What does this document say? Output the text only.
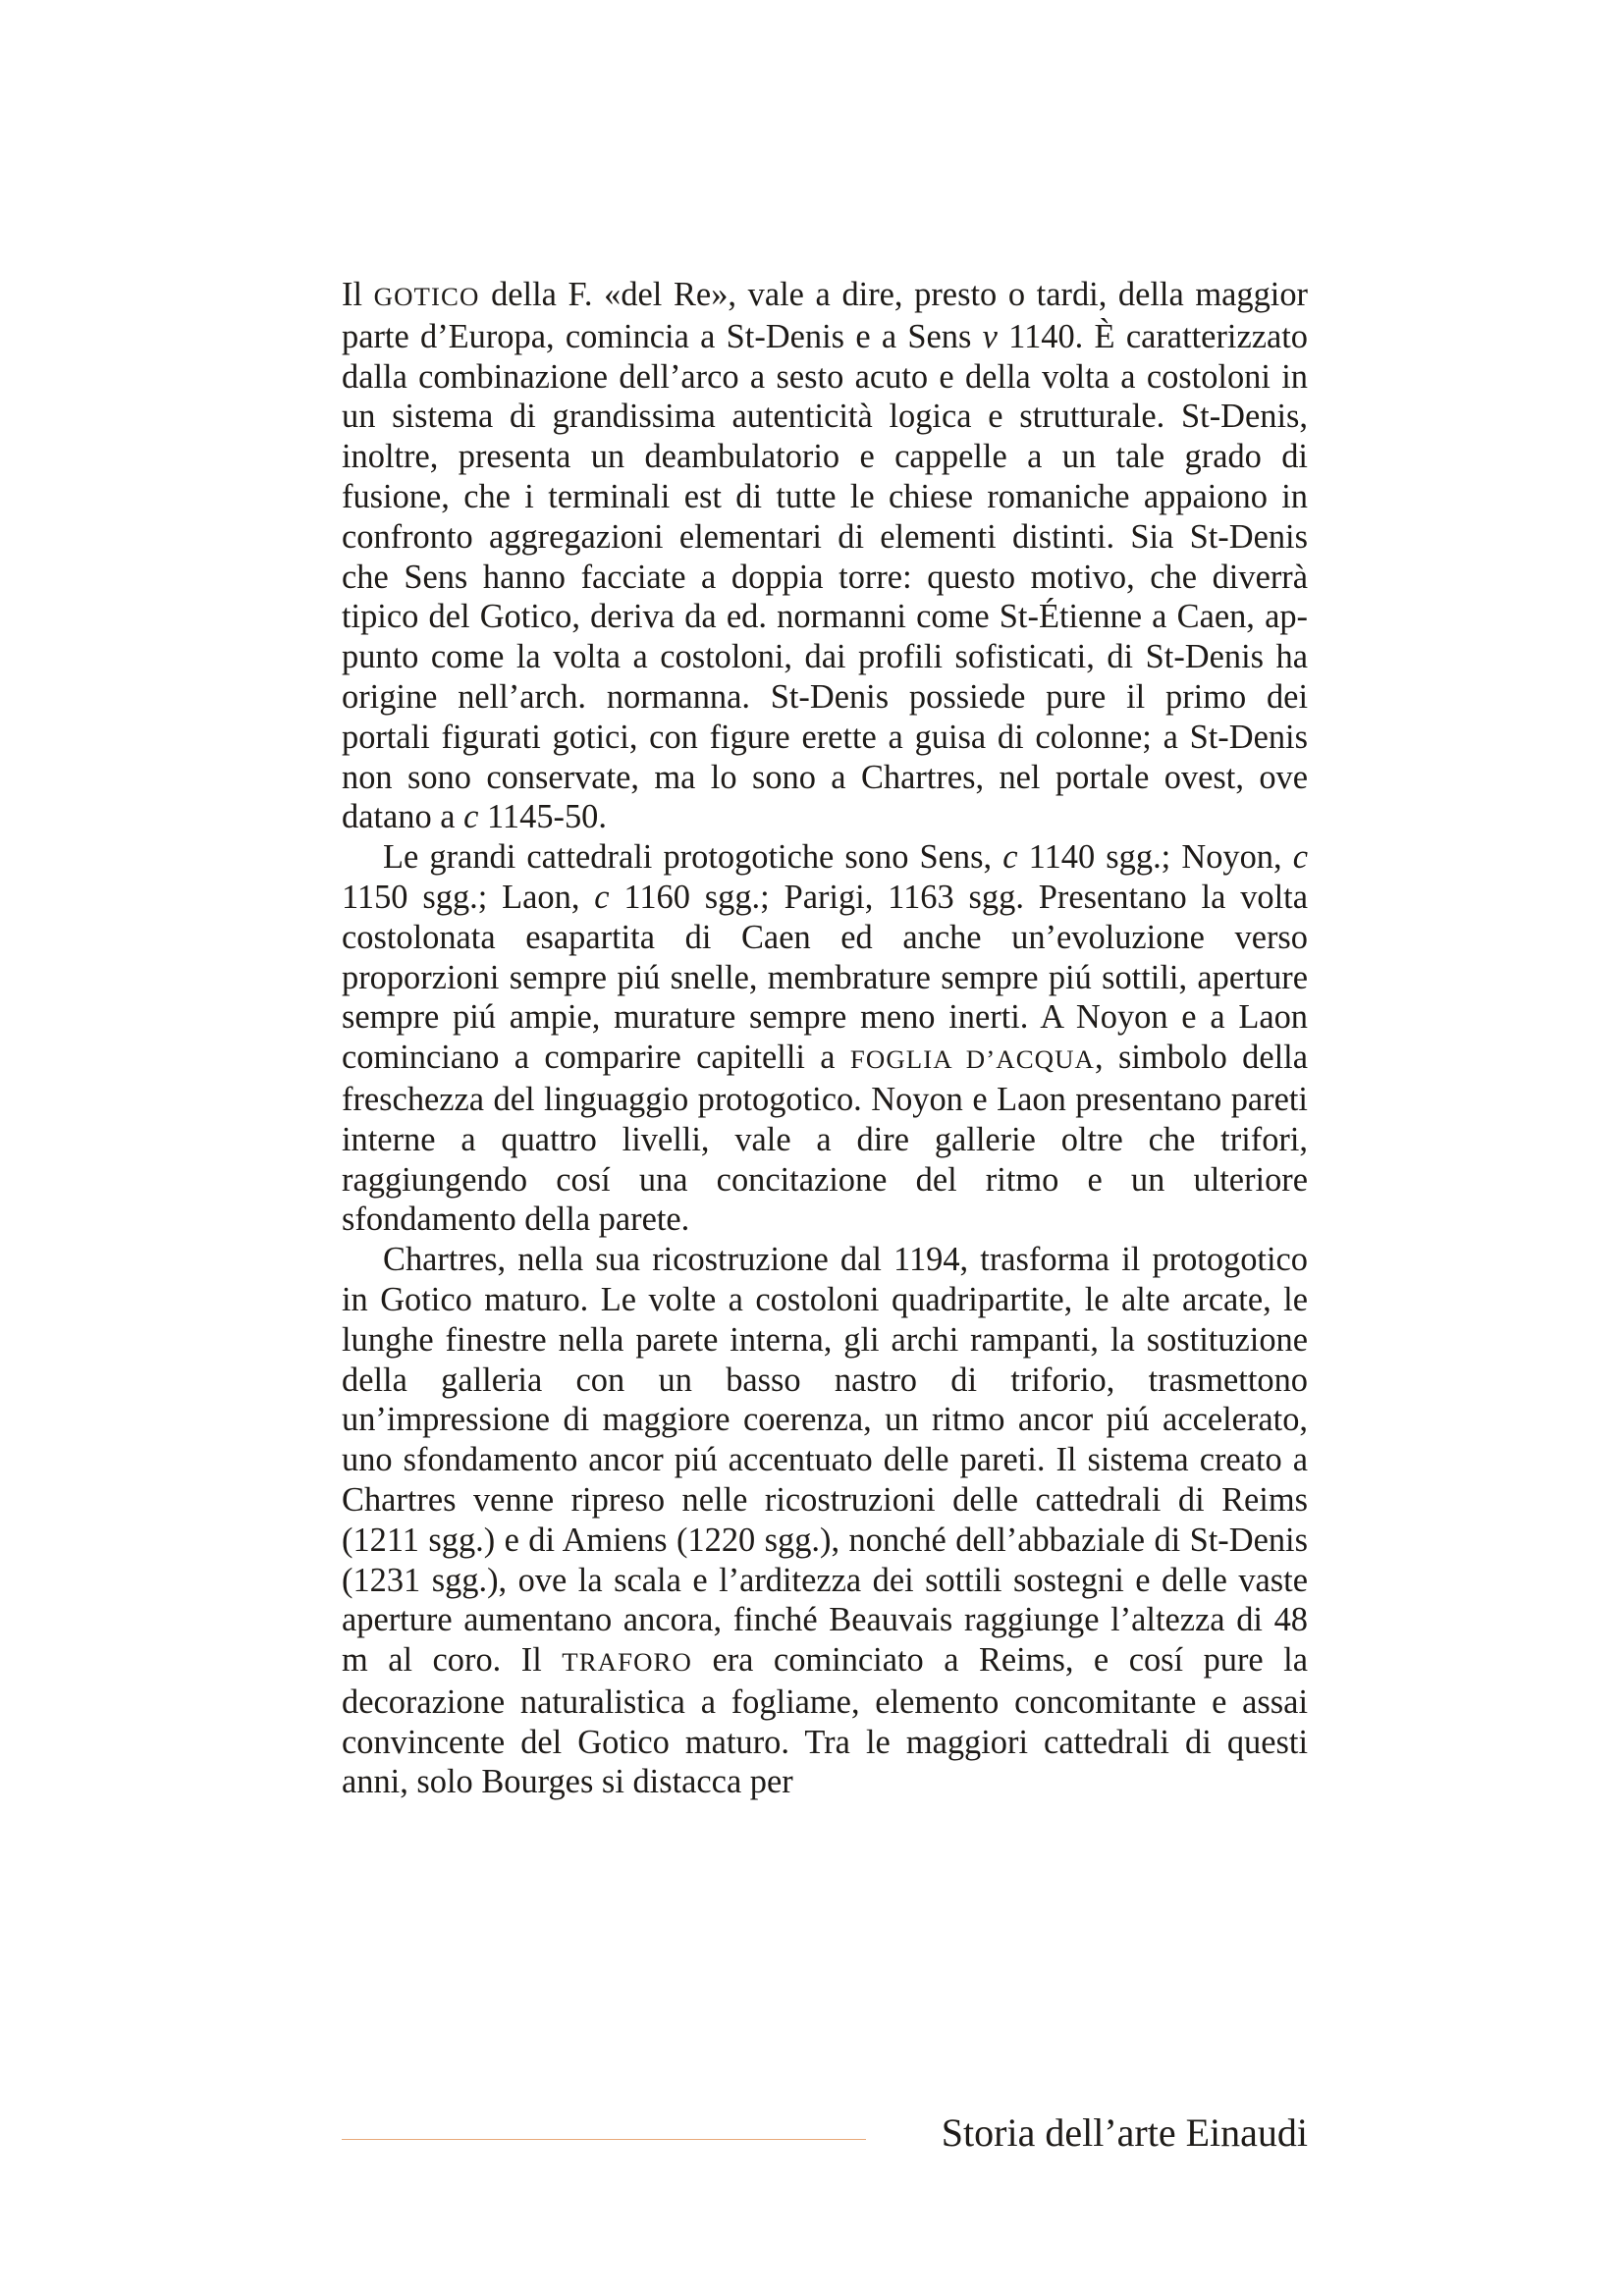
Il GOTICO della F. «del Re», vale a dire, presto o tardi, della maggior parte d’Europa, comincia a St-Denis e a Sens v 1140. È caratterizzato dalla combinazione dell’arco a sesto acuto e della volta a costoloni in un sistema di grandissima autenticità logica e strutturale. St-Denis, inoltre, presenta un deambulatorio e cappelle a un tale grado di fusione, che i terminali est di tutte le chiese romaniche appaiono in confronto aggregazioni elementari di elementi distinti. Sia St-Denis che Sens hanno facciate a doppia torre: questo motivo, che diverrà tipico del Gotico, deriva da ed. normanni come St-Étienne a Caen, appunto come la volta a costoloni, dai profili sofisticati, di St-Denis ha origine nell’arch. normanna. St-Denis possiede pure il primo dei portali figurati gotici, con figure erette a guisa di colonne; a St-Denis non sono conservate, ma lo sono a Chartres, nel portale ovest, ove datano a c 1145-50.

Le grandi cattedrali protogotiche sono Sens, c 1140 sgg.; Noyon, c 1150 sgg.; Laon, c 1160 sgg.; Parigi, 1163 sgg. Presentano la volta costolonata esapartita di Caen ed anche un’evoluzione verso proporzioni sempre piú snelle, membrature sempre piú sottili, aperture sempre piú ampie, murature sempre meno inerti. A Noyon e a Laon cominciano a comparire capitelli a FOGLIA D’ACQUA, simbolo della freschezza del linguaggio protogotico. Noyon e Laon presentano pareti interne a quattro livelli, vale a dire gallerie oltre che trifori, raggiungendo cosí una concitazione del ritmo e un ulteriore sfondamento della parete.

Chartres, nella sua ricostruzione dal 1194, trasforma il protogotico in Gotico maturo. Le volte a costoloni quadripartite, le alte arcate, le lunghe finestre nella parete interna, gli archi rampanti, la sostituzione della galleria con un basso nastro di triforio, trasmettono un’impressione di maggiore coerenza, un ritmo ancor piú accelerato, uno sfondamento ancor piú accentuato delle pareti. Il sistema creato a Chartres venne ripreso nelle ricostruzioni delle cattedrali di Reims (1211 sgg.) e di Amiens (1220 sgg.), nonché dell’abbaziale di St-Denis (1231 sgg.), ove la scala e l’arditezza dei sottili sostegni e delle vaste aperture aumentano ancora, finché Beauvais raggiunge l’altezza di 48 m al coro. Il TRAFORO era cominciato a Reims, e cosí pure la decorazione naturalistica a fogliame, elemento concomitante e assai convincente del Gotico maturo. Tra le maggiori cattedrali di questi anni, solo Bourges si distacca per

Storia dell’arte Einaudi
